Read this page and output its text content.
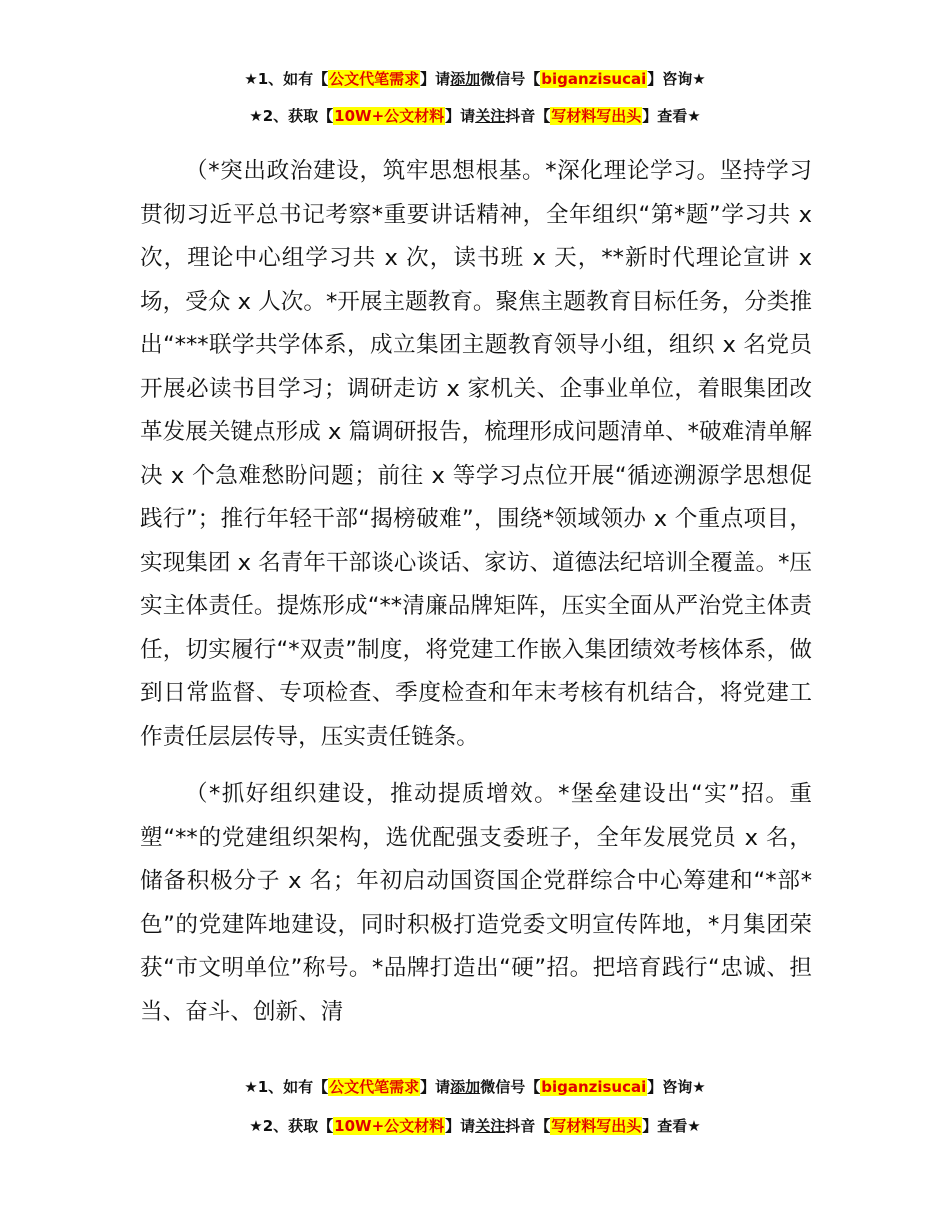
★1、如有【公文代笔需求】请添加微信号【biganzisucai】咨询★
★2、获取【10W+公文材料】请关注抖音【写材料写出头】查看★

（*突出政治建设，筑牢思想根基。*深化理论学习。坚持学习贯彻习近平总书记考察*重要讲话精神，全年组织“第*题”学习共 x 次，理论中心组学习共 x 次，读书班 x 天，**新时代理论宣讲 x 场，受众 x 人次。*开展主题教育。聚焦主题教育目标任务，分类推出“***联学共学体系，成立集团主题教育领导小组，组织 x 名党员开展必读书目学习；调研走访 x 家机关、企事业单位，着眼集团改革发展关键点形成 x 篇调研报告，梳理形成问题清单、*破难清单解决 x 个急难愁盼问题；前往 x 等学习点位开展“循迹溯源学思想促践行”；推行年轻干部“揭榜破难”，围绕*领域领办 x 个重点项目，实现集团 x 名青年干部谈心谈话、家访、道德法纪培训全覆盖。*压实主体责任。提炼形成“**清廉品牌矩阵，压实全面从严治党主体责任，切实履行“*双责”制度，将党建工作嵌入集团绩效考核体系，做到日常监督、专项检查、季度检查和年末考核有机结合，将党建工作责任层层传导，压实责任链条。

（*抓好组织建设，推动提质增效。*堡垒建设出“实”招。重塑“**的党建组织架构，选优配强支委班子，全年发展党员 x 名，储备积极分子 x 名；年初启动国资国企党群综合中心筹建和“*部*色”的党建阵地建设，同时积极打造党委文明宣传阵地，*月集团荣获“市文明单位”称号。*品牌打造出“硬”招。把培育践行“忠诚、担当、奋斗、创新、清

★1、如有【公文代笔需求】请添加微信号【biganzisucai】咨询★
★2、获取【10W+公文材料】请关注抖音【写材料写出头】查看★
